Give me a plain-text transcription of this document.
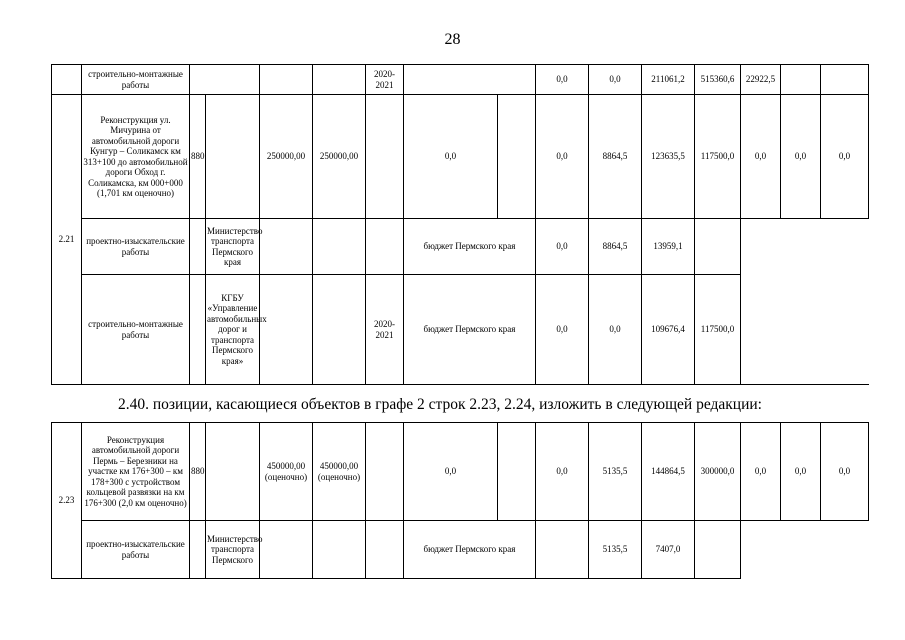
28
	строительно-монтажные работы					2020-2021			0,0	0,0	211061,2	515360,6	22922,5		
2.21	Реконструкция ул. Мичурина от автомобильной дороги Кунгур – Соликамск км 313+100 до автомобильной дороги Обход г. Соликамска, км 000+000 (1,701 км оценочно)	880		250000,00	250000,00		0,0		0,0	8864,5	123635,5	117500,0	0,0	0,0	0,0
	проектно-изыскательские работы		Министерство транспорта Пермского края				бюджет Пермского края		0,0	8864,5	13959,1				
	строительно-монтажные работы		КГБУ «Управление автомобильных дорог и транспорта Пермского края»			2020-2021	бюджет Пермского края		0,0	0,0	109676,4	117500,0			
2.40. позиции, касающиеся объектов в графе 2 строк 2.23, 2.24, изложить в следующей редакции:
2.23	Реконструкция автомобильной дороги Пермь – Березники на участке км 176+300 – км 178+300 с устройством кольцевой развязки на км 176+300 (2,0 км оценочно)	880		450000,00 (оценочно)	450000,00 (оценочно)		0,0		0,0	5135,5	144864,5	300000,0	0,0	0,0	0,0
	проектно-изыскательские работы		Министерство транспорта Пермского				бюджет Пермского края			5135,5	7407,0				
